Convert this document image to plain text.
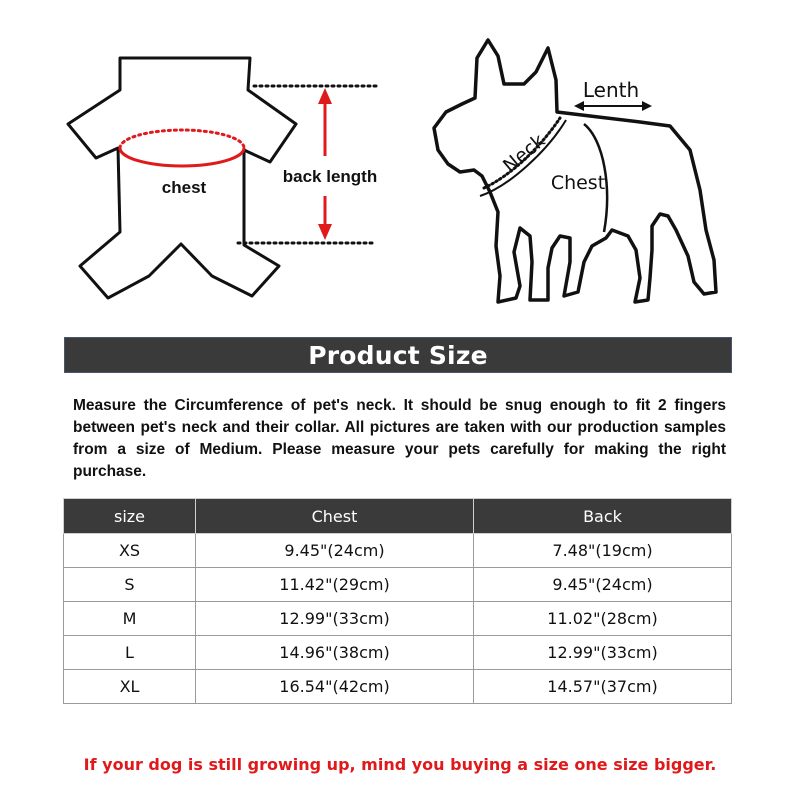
chest
back length
Lenth
Neck
Chest
Product Size
Measure the Circumference of pet's neck. It should be snug enough to fit 2 fingers between pet's neck and their collar. All pictures are taken with our production samples from a size of Medium. Please measure your pets carefully for making the right purchase.
size	Chest	Back
XS	9.45"(24cm)	7.48"(19cm)
S	11.42"(29cm)	9.45"(24cm)
M	12.99"(33cm)	11.02"(28cm)
L	14.96"(38cm)	12.99"(33cm)
XL	16.54"(42cm)	14.57"(37cm)
If your dog is still growing up, mind you buying a size one size bigger.
